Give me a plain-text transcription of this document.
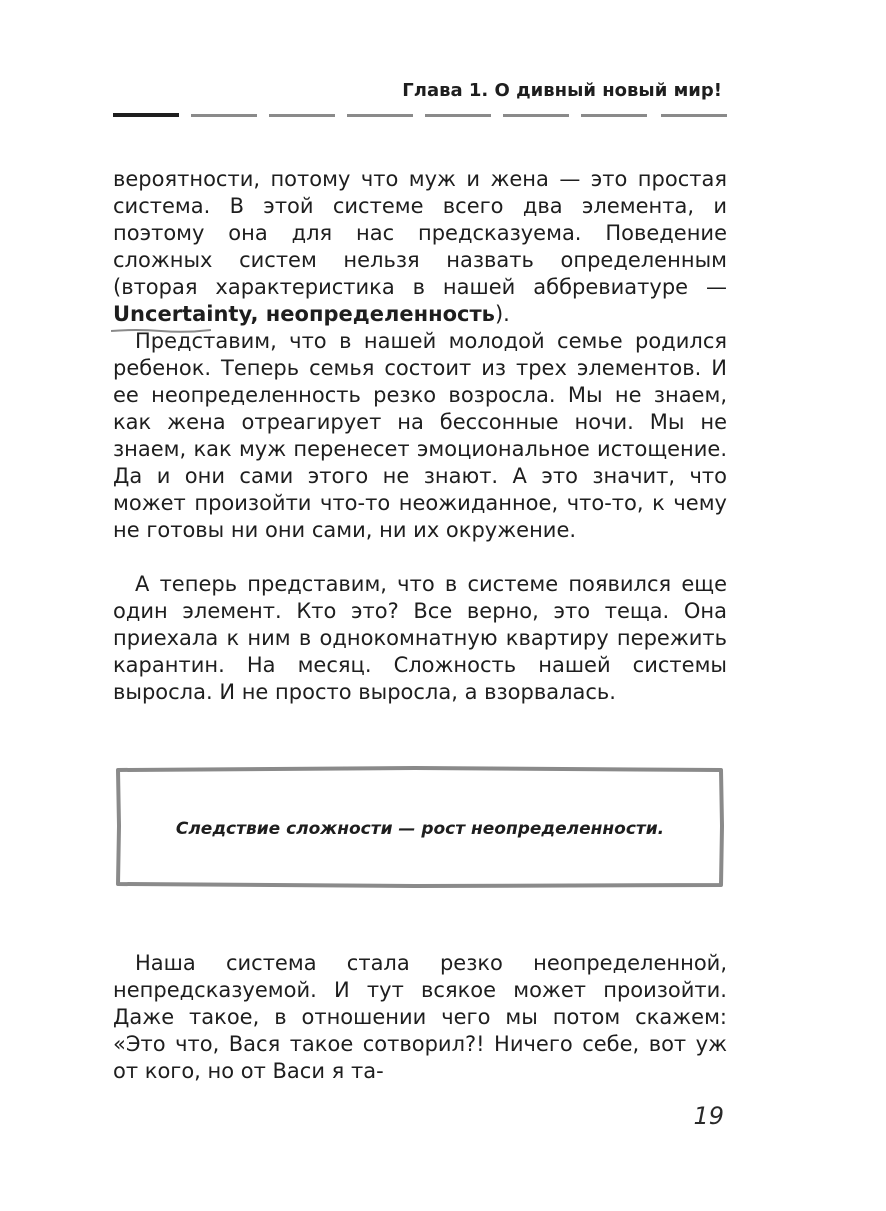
Глава 1. О дивный новый мир!

вероятности, потому что муж и жена — это простая система. В этой системе всего два элемента, и поэтому она для нас предсказуема. Поведение сложных систем нельзя назвать определенным (вторая характеристика в нашей аббревиатуре — Uncertainty, неопределенность
).

Представим, что в нашей молодой семье родился ребенок. Теперь семья состоит из трех элементов. И ее неопределенность резко возросла. Мы не знаем, как жена отреагирует на бессонные ночи. Мы не знаем, как муж перенесет эмоциональное истощение. Да и они сами этого не знают. А это значит, что может произойти что-то неожиданное, что-то, к чему не готовы ни они сами, ни их окружение.

А теперь представим, что в системе появился еще один элемент. Кто это? Все верно, это теща. Она приехала к ним в однокомнатную квартиру пережить карантин. На месяц. Сложность нашей системы выросла. И не просто выросла, а взорвалась.

Следствие сложности — рост неопределенности.

Наша система стала резко неопределенной, непредсказуемой. И тут всякое может произойти. Даже такое, в отношении чего мы потом скажем: «Это что, Вася такое сотворил?! Ничего себе, вот уж от кого, но от Васи я та-

19
